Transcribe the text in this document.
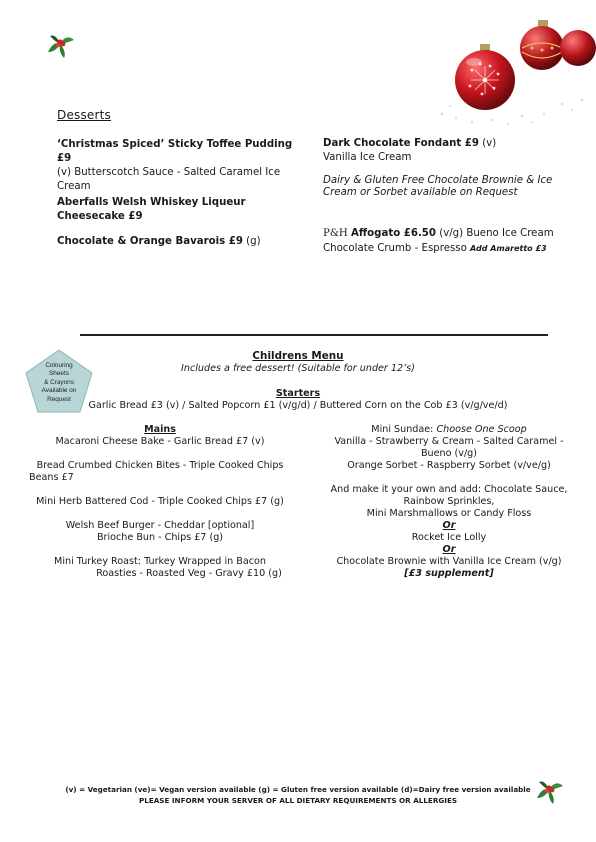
Desserts
‘Christmas Spiced’ Sticky Toffee Pudding £9
(v) Butterscotch Sauce - Salted Caramel Ice Cream
Aberfalls Welsh Whiskey Liqueur Cheesecake £9
Chocolate & Orange Bavarois £9 (g)
Dark Chocolate Fondant £9 (v)
Vanilla Ice Cream
Dairy & Gluten Free Chocolate Brownie & Ice Cream or Sorbet available on Request
P&H Affogato £6.50 (v/g) Bueno Ice Cream Chocolate Crumb - Espresso Add Amaretto £3
Colouring
Sheets
& Crayons
Available on
Request
Childrens Menu
Includes a free dessert! (Suitable for under 12’s)
Starters
Garlic Bread £3 (v) / Salted Popcorn £1 (v/g/d) / Buttered Corn on the Cob £3 (v/g/ve/d)

Mains

Macaroni Cheese Bake - Garlic Bread £7 (v)

Bread Crumbed Chicken Bites - Triple Cooked Chips

Beans £7

Mini Herb Battered Cod - Triple Cooked Chips £7 (g)

Welsh Beef Burger - Cheddar [optional]

Brioche Bun - Chips £7 (g)

Mini Turkey Roast: Turkey Wrapped in Bacon

Roasties - Roasted Veg - Gravy £10 (g)

Mini Sundae: Choose One Scoop

Vanilla - Strawberry & Cream - Salted Caramel -

Bueno (v/g)

Orange Sorbet - Raspberry Sorbet (v/ve/g)

And make it your own and add: Chocolate Sauce,

Rainbow Sprinkles,

Mini Marshmallows or Candy Floss

Or

Rocket Ice Lolly

Or

Chocolate Brownie with Vanilla Ice Cream (v/g)

[£3 supplement]

(v) = Vegetarian (ve)= Vegan version available (g) = Gluten free version available (d)=Dairy free version available
PLEASE INFORM YOUR SERVER OF ALL DIETARY REQUIREMENTS OR ALLERGIES
